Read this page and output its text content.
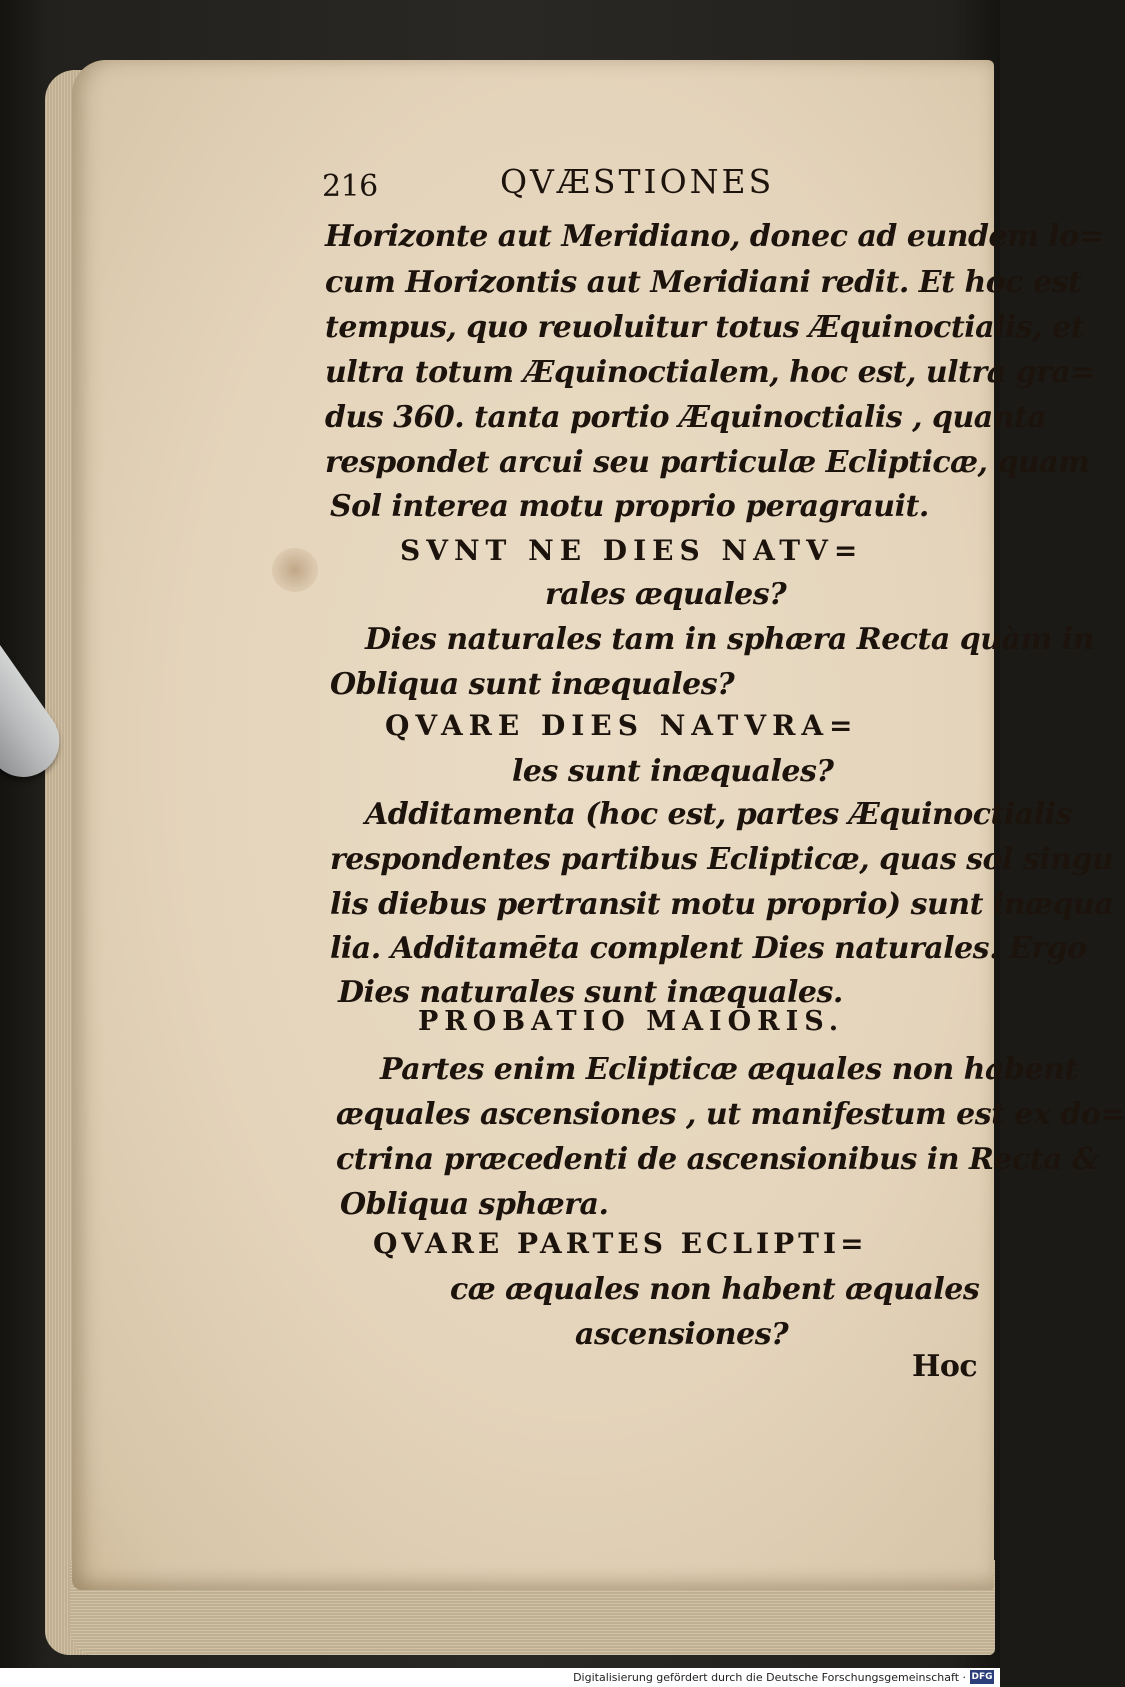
216	QVÆSTIONES
Horizonte aut Meridiano, donec ad eundem lo=
cum Horizontis aut Meridiani redit. Et hoc est
tempus, quo reuoluitur totus Æquinoctialis, et
ultra totum Æquinoctialem, hoc est, ultra gra=
dus 360. tanta portio Æquinoctialis , quanta
respondet arcui seu particulæ Eclipticæ, quam
Sol interea motu proprio peragrauit.
SVNT NE DIES NATV=
rales æquales?
Dies naturales tam in sphæra Recta quàm in
Obliqua sunt inæquales?
QVARE DIES NATVRA=
les sunt inæquales?
Additamenta (hoc est, partes Æquinoctialis
respondentes partibus Eclipticæ, quas sol singu
lis diebus pertransit motu proprio) sunt inæqua
lia. Additamēta complent Dies naturales. Ergo
Dies naturales sunt inæquales.
PROBATIO MAIORIS.
Partes enim Eclipticæ æquales non habent
æquales ascensiones , ut manifestum est ex do=
ctrina præcedenti de ascensionibus in Recta &
Obliqua sphæra.
QVARE PARTES ECLIPTI=
cæ æquales non habent æquales
ascensiones?
Hoc
Digitalisierung gefördert durch die Deutsche Forschungsgemeinschaft · DFG
